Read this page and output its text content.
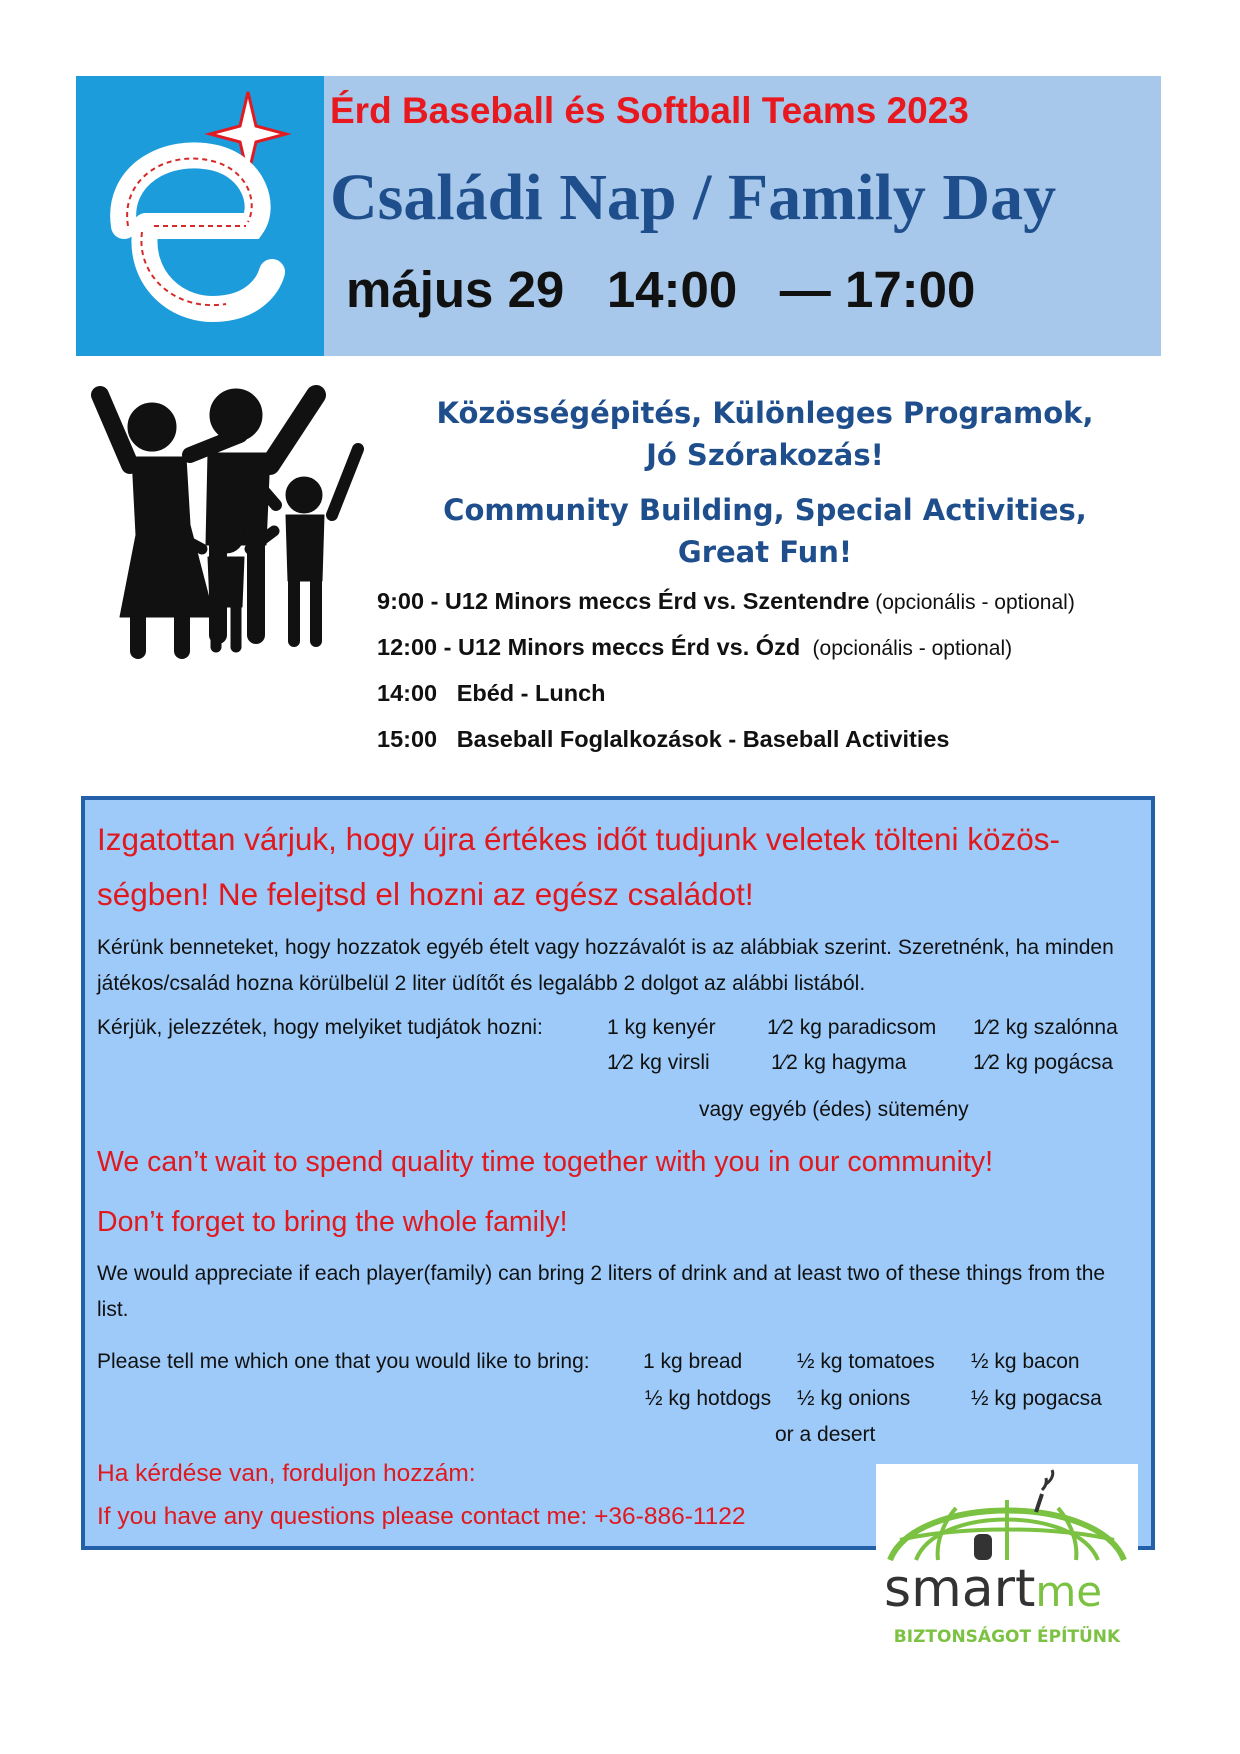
Érd Baseball és Softball Teams 2023
Családi Nap / Family Day
május 29 14:00 — 17:00
Közösségépités, Különleges Programok,
Jó Szórakozás!
Community Building, Special Activities,
Great Fun!
9:00 - U12 Minors meccs Érd vs. Szentendre (opcionális - optional)
12:00 - U12 Minors meccs Érd vs. Ózd  (opcionális - optional)
14:00   Ebéd - Lunch
15:00   Baseball Foglalkozások - Baseball Activities
Izgatottan várjuk, hogy újra értékes időt tudjunk veletek tölteni közös-
ségben! Ne felejtsd el hozni az egész családot!
Kérünk benneteket, hogy hozzatok egyéb ételt vagy hozzávalót is az alábbiak szerint. Szeretnénk, ha minden játékos/család hozna körülbelül 2 liter üdítőt és legalább 2 dolgot az alábbi listából.
Kérjük, jelezzétek, hogy melyiket tudjátok hozni:	1 kg kenyér 1⁄2 kg paradicsom 1⁄2 kg szalónna
1⁄2 kg virsli	1⁄2 kg hagyma	1⁄2 kg pogácsa
vagy egyéb (édes) sütemény
We can’t wait to spend quality time together with you in our community!
Don’t forget to bring the whole family!
We would appreciate if each player(family) can bring 2 liters of drink and at least two of these things from the list.
Please tell me which one that you would like to bring:	1 kg bread	½ kg tomatoes ½ kg bacon
½ kg hotdogs ½ kg onions	½ kg pogacsa
or a desert
Ha kérdése van, forduljon hozzám:
If you have any questions please contact me: +36-886-1122
smartme
BIZTONSÁGOT ÉPÍTÜNK
